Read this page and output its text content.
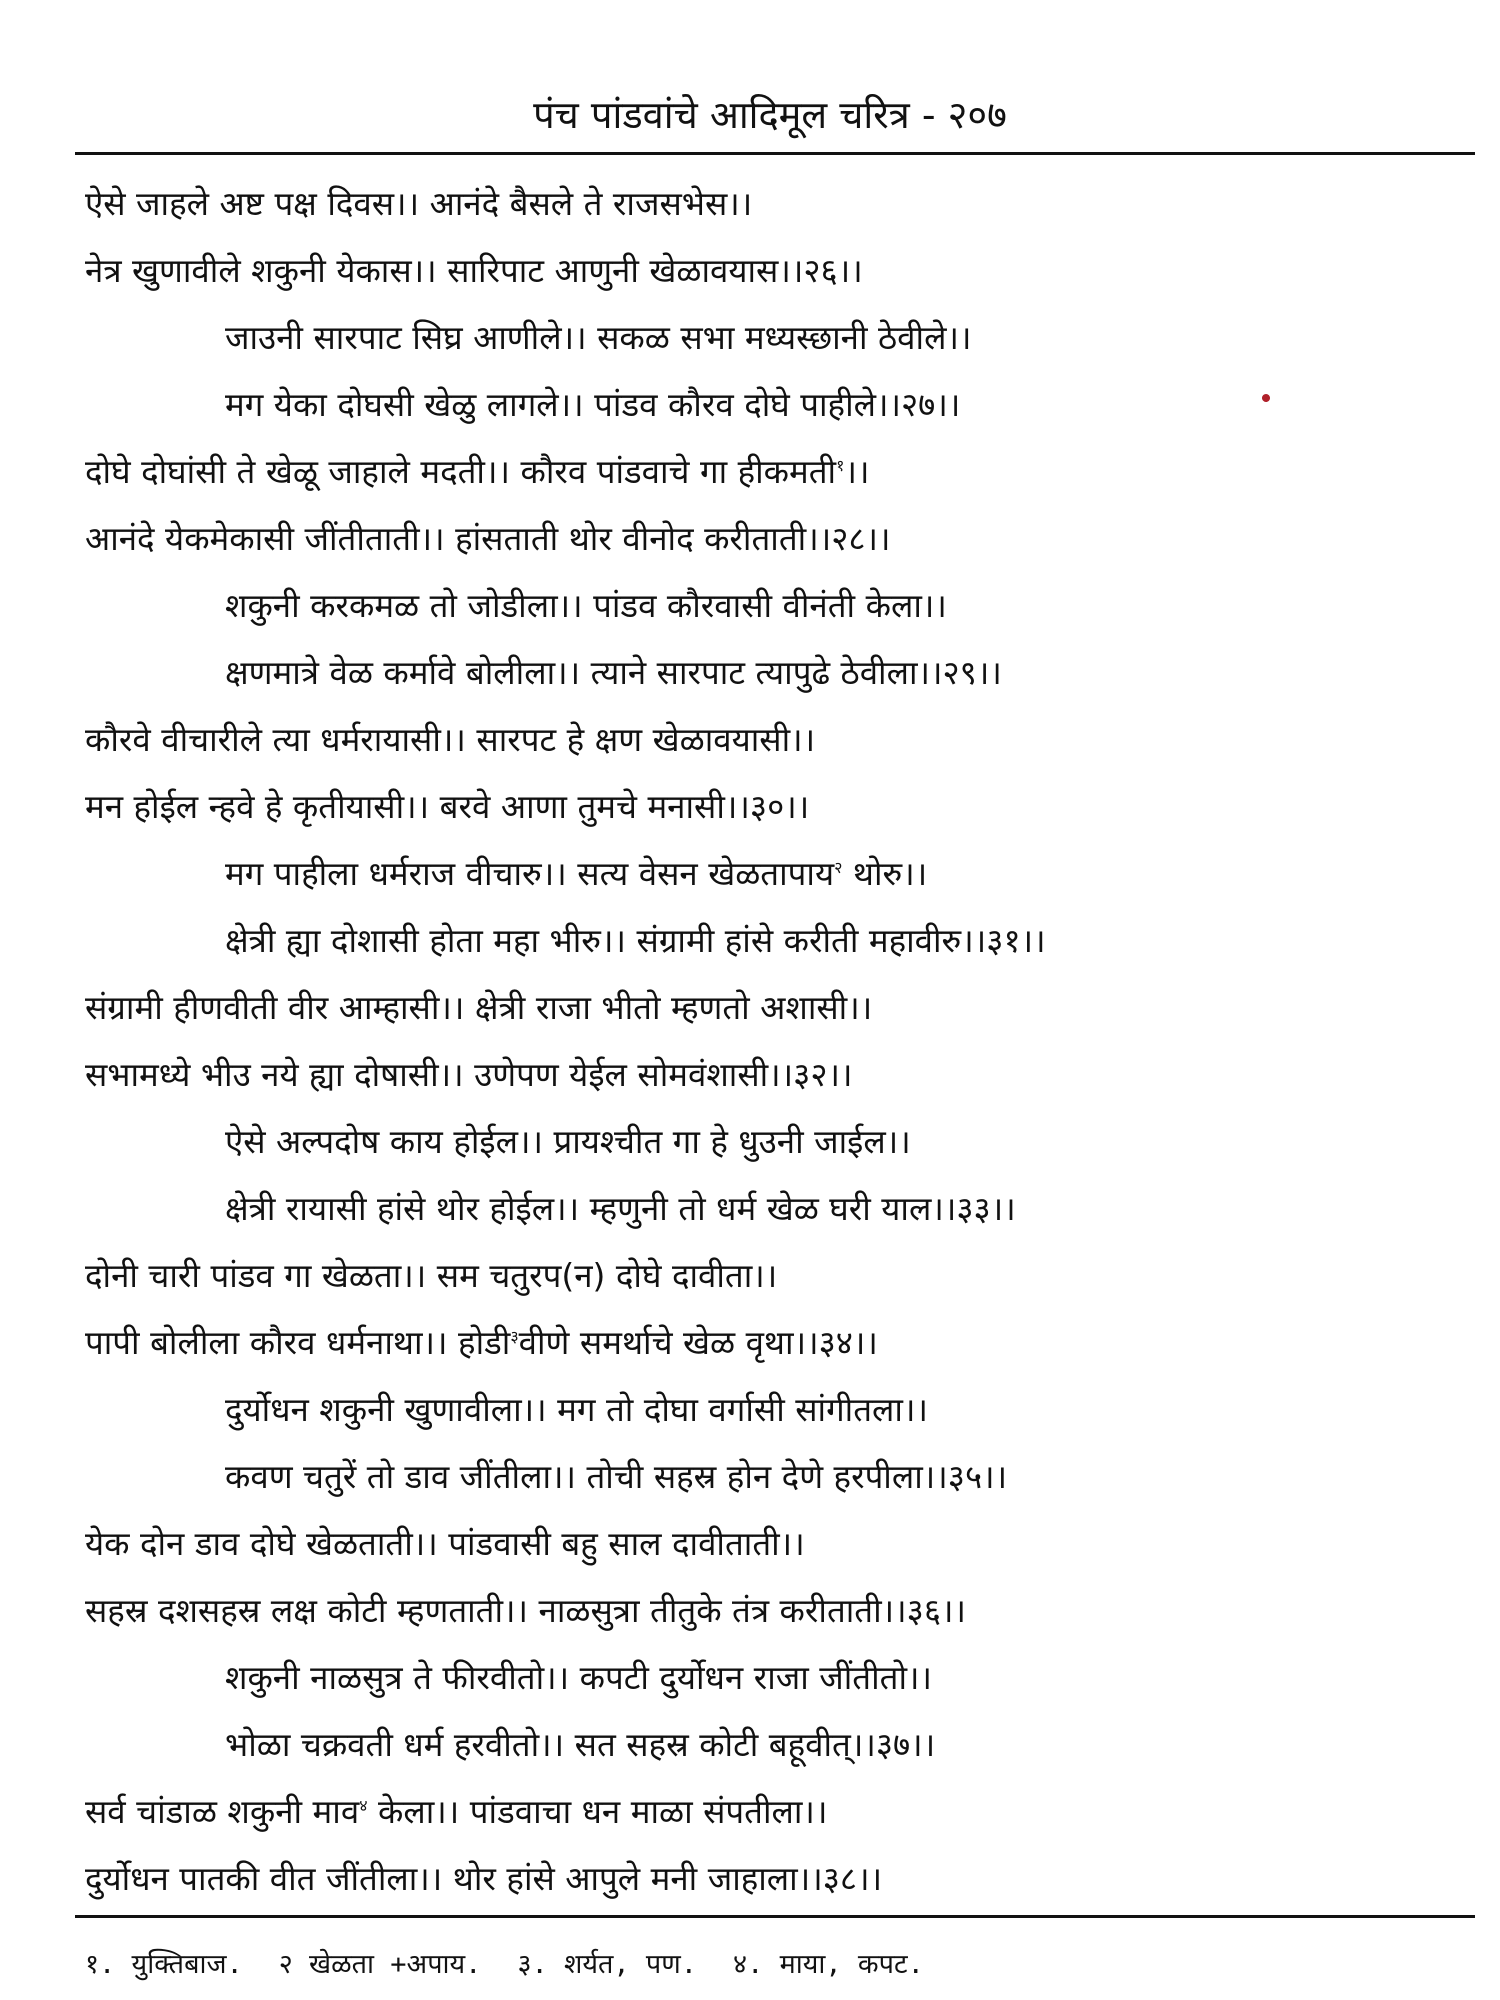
पंच पांडवांचे आदिमूल चरित्र - २०७
ऐसे जाहले अष्ट पक्ष दिवस।। आनंदे बैसले ते राजसभेस।।
नेत्र खुणावीले शकुनी येकास।। सारिपाट आणुनी खेळावयास।।२६।।
जाउनी सारपाट सिघ्र आणीले।। सकळ सभा मध्यस्छानी ठेवीले।।
मग येका दोघसी खेळु लागले।। पांडव कौरव दोघे पाहीले।।२७।।
दोघे दोघांसी ते खेळू जाहाले मदती।। कौरव पांडवाचे गा हीकमती$^१$।।
आनंदे येकमेकासी जींतीताती।। हांसताती थोर वीनोद करीताती।।२८।।
शकुनी करकमळ तो जोडीला।। पांडव कौरवासी वीनंती केला।।
क्षणमात्रे वेळ कर्मावे बोलीला।। त्याने सारपाट त्यापुढे ठेवीला।।२९।।
कौरवे वीचारीले त्या धर्मरायासी।। सारपट हे क्षण खेळावयासी।।
मन होईल न्हवे हे कृतीयासी।। बरवे आणा तुमचे मनासी।।३०।।
मग पाहीला धर्मराज वीचारु।। सत्य वेसन खेळतापाय$^२$ थोरु।।
क्षेत्री ह्या दोशासी होता महा भीरु।। संग्रामी हांसे करीती महावीरु।।३१।।
संग्रामी हीणवीती वीर आम्हासी।। क्षेत्री राजा भीतो म्हणतो अशासी।।
सभामध्ये भीउ नये ह्या दोषासी।। उणेपण येईल सोमवंशासी।।३२।।
ऐसे अल्पदोष काय होईल।। प्रायश्चीत गा हे धुउनी जाईल।।
क्षेत्री रायासी हांसे थोर होईल।। म्हणुनी तो धर्म खेळ घरी याल।।३३।।
दोनी चारी पांडव गा खेळता।। सम चतुरप(न) दोघे दावीता।।
पापी बोलीला कौरव धर्मनाथा।। होडी$^३$वीणे समर्थाचे खेळ वृथा।।३४।।
दुर्योधन शकुनी खुणावीला।। मग तो दोघा वर्गासी सांगीतला।।
कवण चतुरें तो डाव जींतीला।। तोची सहस्र होन देणे हरपीला।।३५।।
येक दोन डाव दोघे खेळताती।। पांडवासी बहु साल दावीताती।।
सहस्र दशसहस्र लक्ष कोटी म्हणताती।। नाळसुत्रा तीतुके तंत्र करीताती।।३६।।
शकुनी नाळसुत्र ते फीरवीतो।। कपटी दुर्योधन राजा जींतीतो।।
भोळा चक्रवती धर्म हरवीतो।। सत सहस्र कोटी बहूवीत्।।३७।।
सर्व चांडाळ शकुनी माव$^४$ केला।। पांडवाचा धन माळा संपतीला।।
दुर्योधन पातकी वीत जींतीला।। थोर हांसे आपुले मनी जाहाला।।३८।।
१. युक्तिबाज. २ खेळता +अपाय. ३. शर्यत, पण. ४. माया, कपट.
